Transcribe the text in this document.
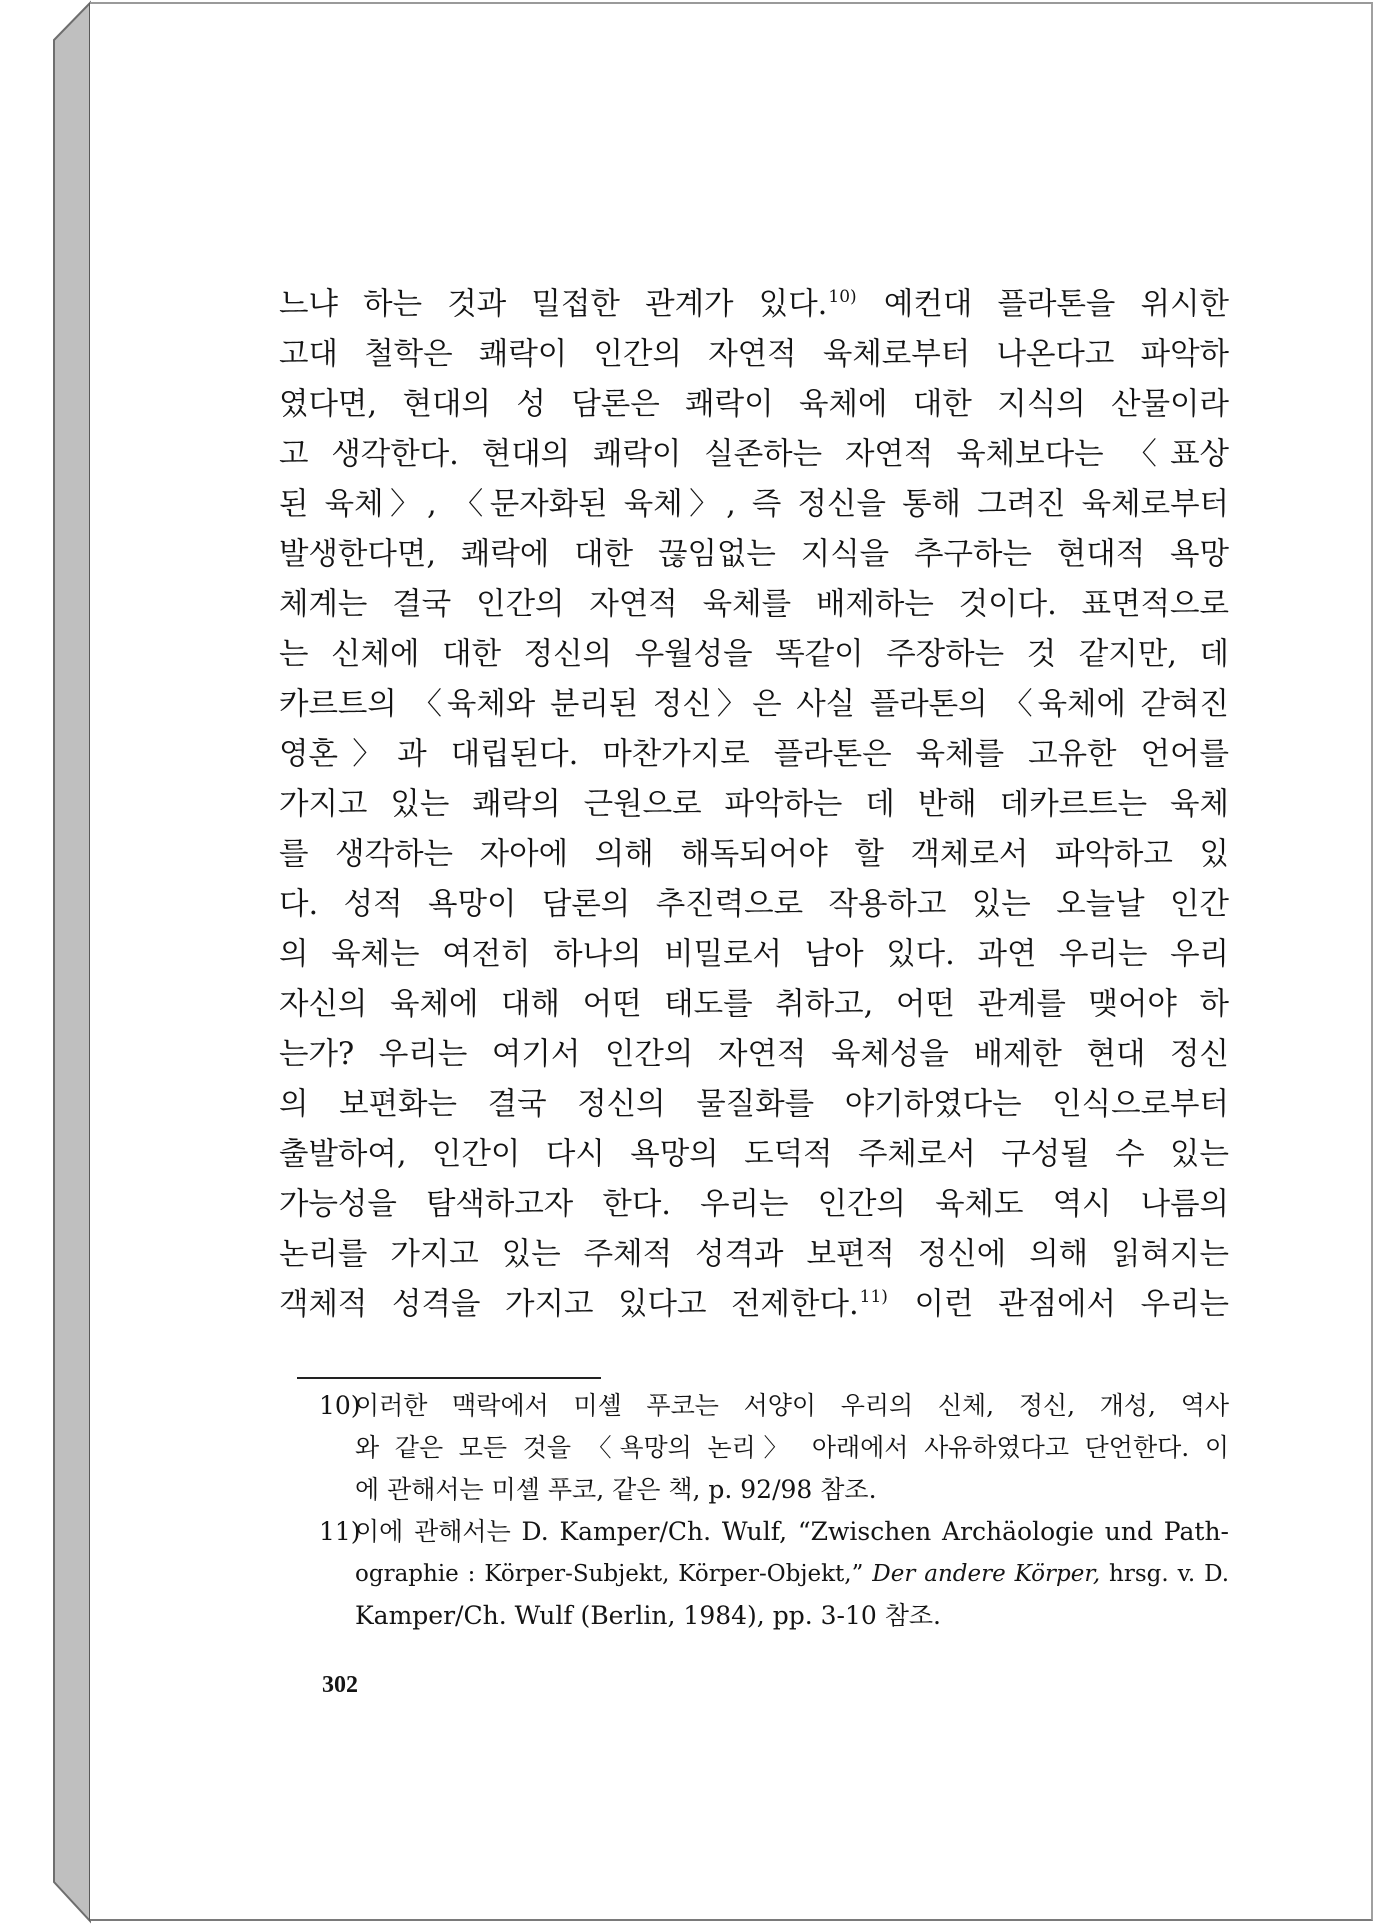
느냐 하는 것과 밀접한 관계가 있다.$^{10)}$ 예컨대 플라톤을 위시한
고대 철학은 쾌락이 인간의 자연적 육체로부터 나온다고 파악하
였다면, 현대의 성 담론은 쾌락이 육체에 대한 지식의 산물이라
고 생각한다. 현대의 쾌락이 실존하는 자연적 육체보다는 〈표상
된 육체〉, 〈문자화된 육체〉, 즉 정신을 통해 그려진 육체로부터
발생한다면, 쾌락에 대한 끊임없는 지식을 추구하는 현대적 욕망
체계는 결국 인간의 자연적 육체를 배제하는 것이다. 표면적으로
는 신체에 대한 정신의 우월성을 똑같이 주장하는 것 같지만, 데
카르트의 〈육체와 분리된 정신〉은 사실 플라톤의 〈육체에 갇혀진
영혼〉과 대립된다. 마찬가지로 플라톤은 육체를 고유한 언어를
가지고 있는 쾌락의 근원으로 파악하는 데 반해 데카르트는 육체
를 생각하는 자아에 의해 해독되어야 할 객체로서 파악하고 있
다. 성적 욕망이 담론의 추진력으로 작용하고 있는 오늘날 인간
의 육체는 여전히 하나의 비밀로서 남아 있다. 과연 우리는 우리
자신의 육체에 대해 어떤 태도를 취하고, 어떤 관계를 맺어야 하
는가? 우리는 여기서 인간의 자연적 육체성을 배제한 현대 정신
의 보편화는 결국 정신의 물질화를 야기하였다는 인식으로부터
출발하여, 인간이 다시 욕망의 도덕적 주체로서 구성될 수 있는
가능성을 탐색하고자 한다. 우리는 인간의 육체도 역시 나름의
논리를 가지고 있는 주체적 성격과 보편적 정신에 의해 읽혀지는
객체적 성격을 가지고 있다고 전제한다.$^{11)}$ 이런 관점에서 우리는
10)
이러한 맥락에서 미셸 푸코는 서양이 우리의 신체, 정신, 개성, 역사
와 같은 모든 것을 〈욕망의 논리〉 아래에서 사유하였다고 단언한다. 이
에 관해서는 미셸 푸코, 같은 책, p. 92/98 참조.
11)
이에 관해서는 D. Kamper/Ch. Wulf, “Zwischen Archäologie und Path-
ographie : Körper-Subjekt, Körper-Objekt,” Der andere Körper, hrsg. v. D.
Kamper/Ch. Wulf (Berlin, 1984), pp. 3-10 참조.
302
